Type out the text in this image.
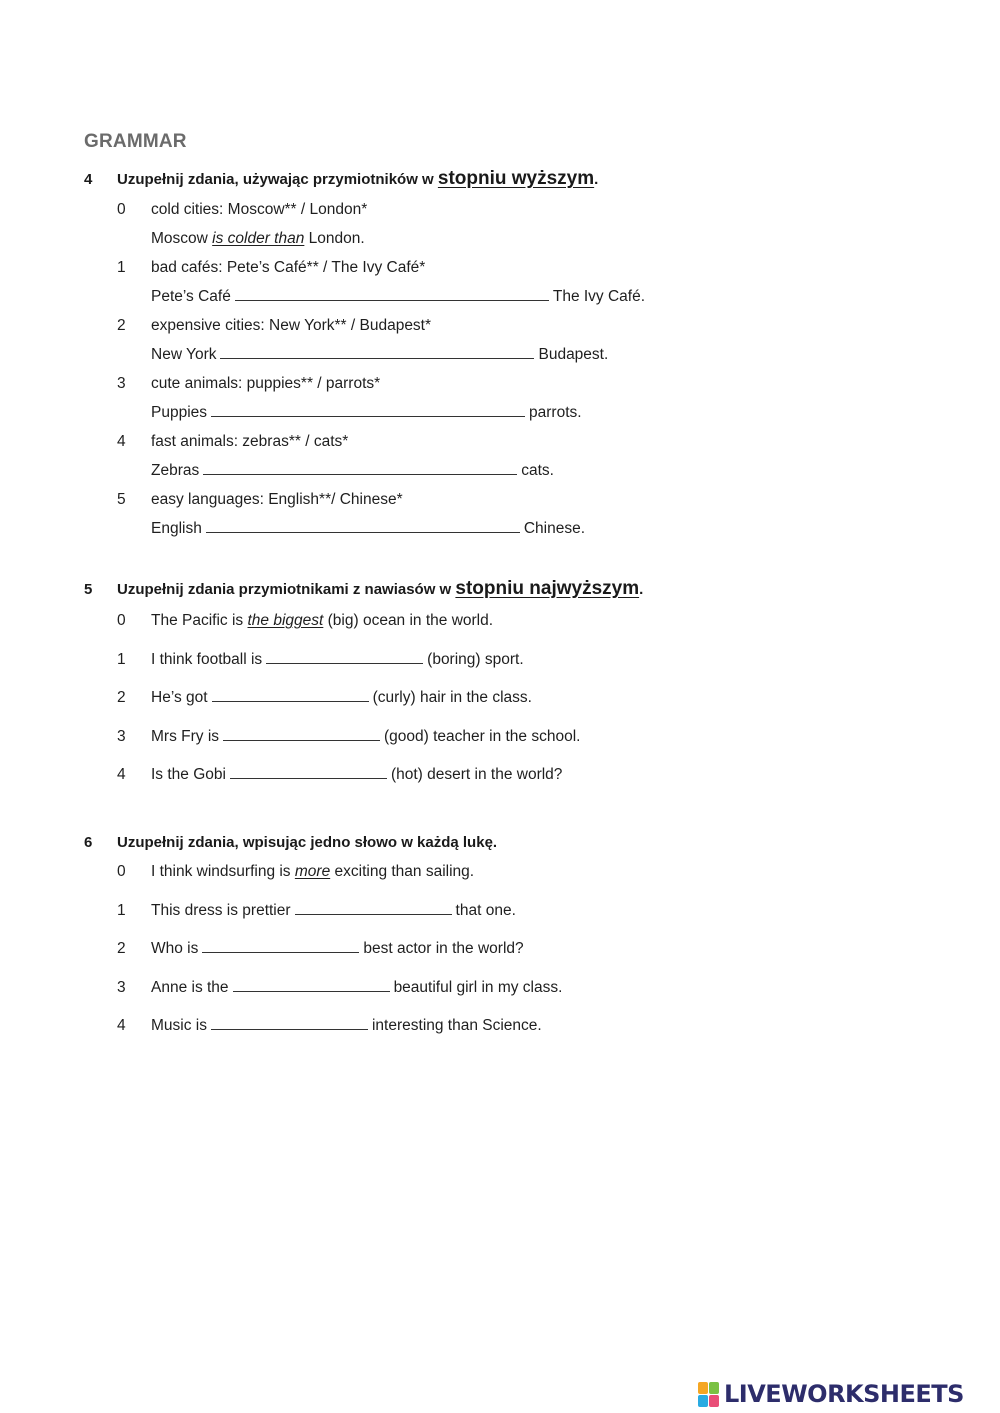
GRAMMAR
4 Uzupełnij zdania, używając przymiotników w stopniu wyższym.
0 cold cities: Moscow** / London*
Moscow is colder than London.
1 bad cafés: Pete’s Café** / The Ivy Café*
Pete’s Café	The Ivy Café.
2 expensive cities: New York** / Budapest*
New York	Budapest.
3 cute animals: puppies** / parrots*
Puppies	parrots.
4 fast animals: zebras** / cats*
Zebras	cats.
5 easy languages: English**/ Chinese*
English	Chinese.
5 Uzupełnij zdania przymiotnikami z nawiasów w stopniu najwyższym.
0 The Pacific is the biggest (big) ocean in the world.
1 I think football is	(boring) sport.
2 He’s got	(curly) hair in the class.
3 Mrs Fry is	(good) teacher in the school.
4 Is the Gobi	(hot) desert in the world?
6 Uzupełnij zdania, wpisując jedno słowo w każdą lukę.
0 I think windsurfing is more exciting than sailing.
1 This dress is prettier	that one.
2 Who is	best actor in the world?
3 Anne is the	beautiful girl in my class.
4 Music is	interesting than Science.
LIVEWORKSHEETS
